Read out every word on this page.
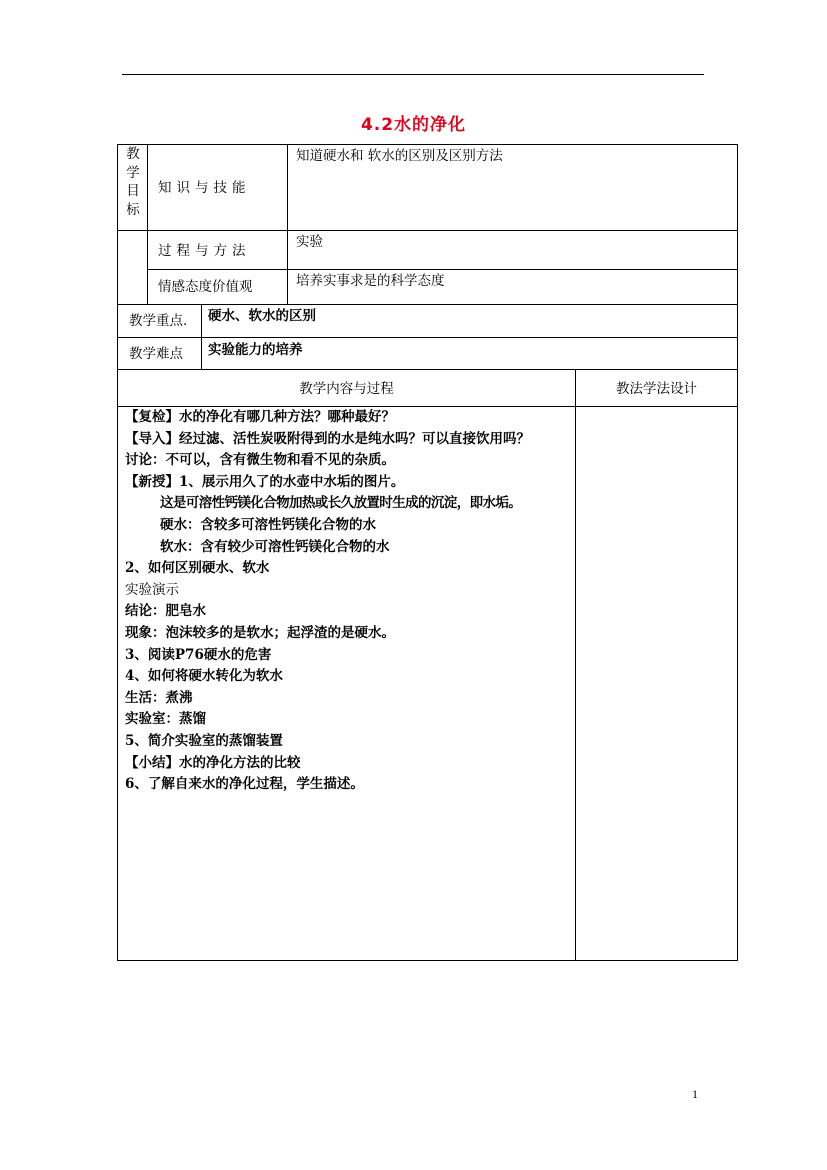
4.2水的净化
教
学
目
标
知识与技能
知道硬水和 软水的区别及区别方法
过程与方法
实验
情感态度价值观	培养实事求是的科学态度
教学重点. 硬水、软水的区别
教学难点 实验能力的培养
教学内容与过程	教法学法设计
【复检】水的净化有哪几种方法？哪种最好？
【导入】经过滤、活性炭吸附得到的水是纯水吗？可以直接饮用吗？
讨论：不可以，含有微生物和看不见的杂质。
【新授】1、展示用久了的水壶中水垢的图片。
这是可溶性钙镁化合物加热或长久放置时生成的沉淀，即水垢。
硬水：含较多可溶性钙镁化合物的水
软水：含有较少可溶性钙镁化合物的水
2、如何区别硬水、软水
实验演示
结论：肥皂水
现象：泡沫较多的是软水；起浮渣的是硬水。
3、阅读P76硬水的危害
4、如何将硬水转化为软水
生活：煮沸
实验室：蒸馏
5、简介实验室的蒸馏装置
【小结】水的净化方法的比较
6、了解自来水的净化过程，学生描述。
1
